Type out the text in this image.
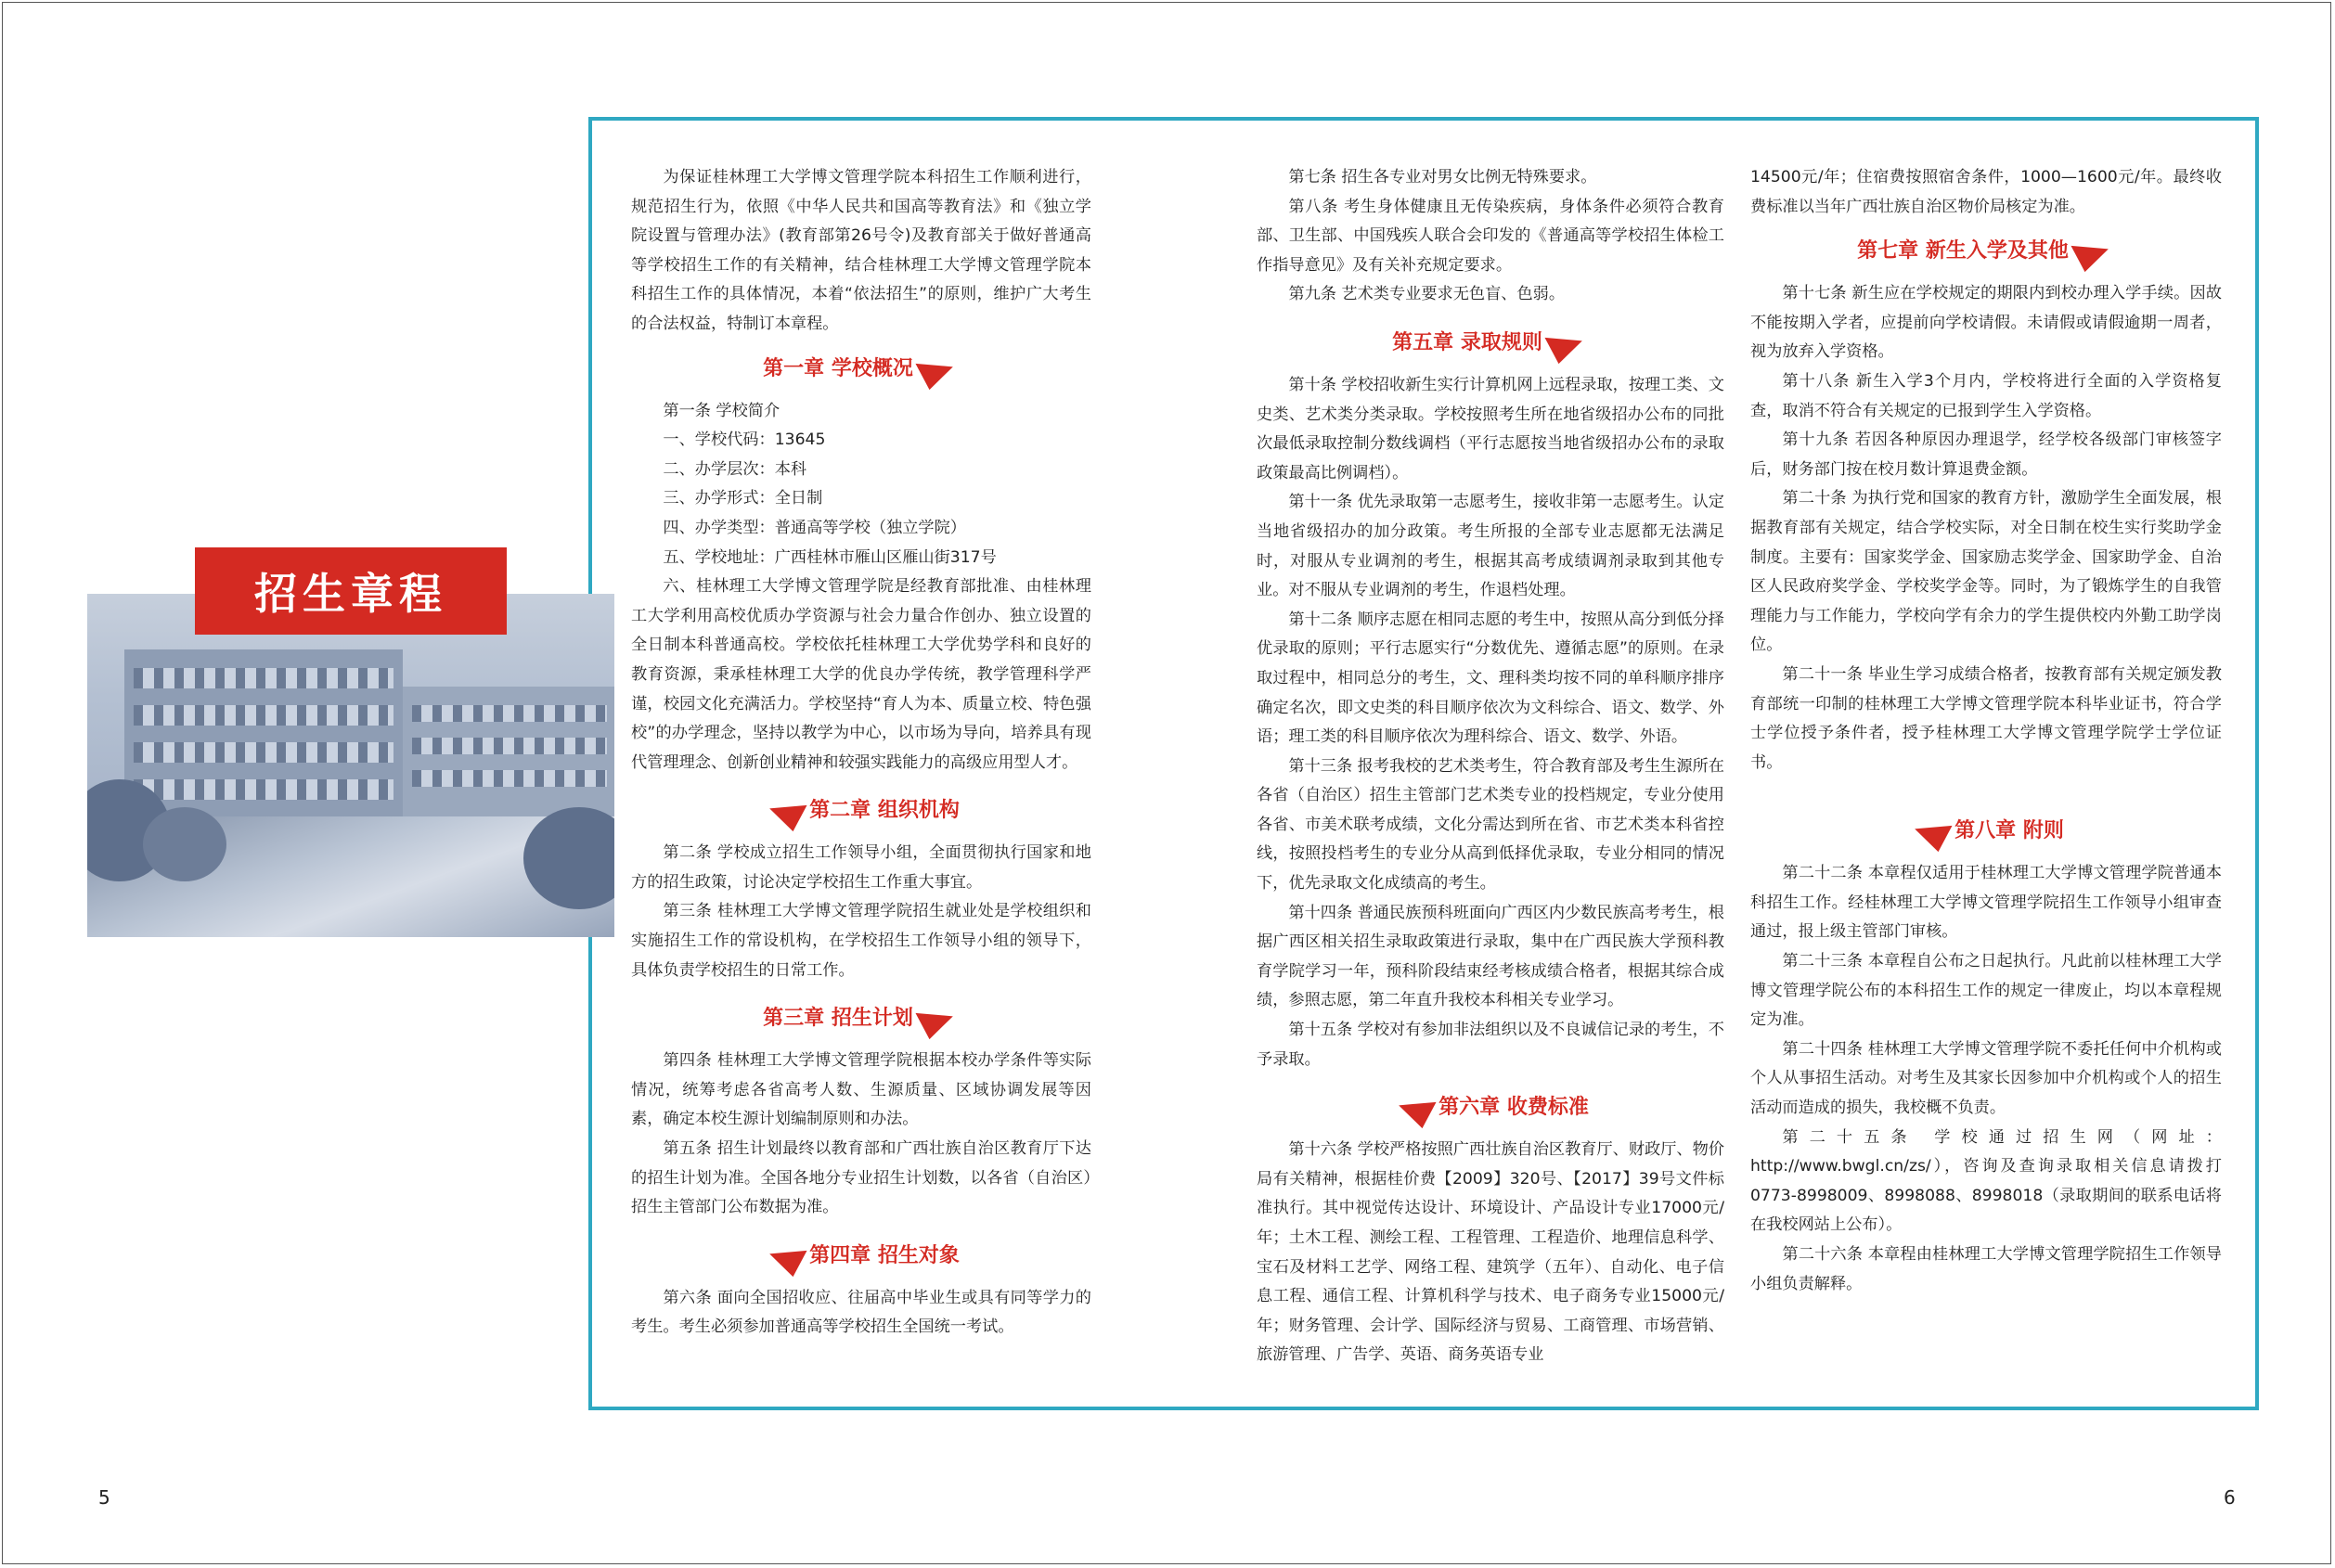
招生章程

为保证桂林理工大学博文管理学院本科招生工作顺利进行，规范招生行为，依照《中华人民共和国高等教育法》和《独立学院设置与管理办法》(教育部第26号令)及教育部关于做好普通高等学校招生工作的有关精神，结合桂林理工大学博文管理学院本科招生工作的具体情况，本着“依法招生”的原则，维护广大考生的合法权益，特制订本章程。

第一章 学校概况

第一条 学校简介

一、学校代码：13645

二、办学层次：本科

三、办学形式：全日制

四、办学类型：普通高等学校（独立学院）

五、学校地址：广西桂林市雁山区雁山街317号

六、桂林理工大学博文管理学院是经教育部批准、由桂林理工大学利用高校优质办学资源与社会力量合作创办、独立设置的全日制本科普通高校。学校依托桂林理工大学优势学科和良好的教育资源，秉承桂林理工大学的优良办学传统，教学管理科学严谨，校园文化充满活力。学校坚持“育人为本、质量立校、特色强校”的办学理念，坚持以教学为中心，以市场为导向，培养具有现代管理理念、创新创业精神和较强实践能力的高级应用型人才。

第二章 组织机构

第二条 学校成立招生工作领导小组，全面贯彻执行国家和地方的招生政策，讨论决定学校招生工作重大事宜。

第三条 桂林理工大学博文管理学院招生就业处是学校组织和实施招生工作的常设机构，在学校招生工作领导小组的领导下，具体负责学校招生的日常工作。

第三章 招生计划

第四条 桂林理工大学博文管理学院根据本校办学条件等实际情况，统筹考虑各省高考人数、生源质量、区域协调发展等因素，确定本校生源计划编制原则和办法。

第五条 招生计划最终以教育部和广西壮族自治区教育厅下达的招生计划为准。全国各地分专业招生计划数，以各省（自治区）招生主管部门公布数据为准。

第四章 招生对象

第六条 面向全国招收应、往届高中毕业生或具有同等学力的考生。考生必须参加普通高等学校招生全国统一考试。

第七条 招生各专业对男女比例无特殊要求。

第八条 考生身体健康且无传染疾病，身体条件必须符合教育部、卫生部、中国残疾人联合会印发的《普通高等学校招生体检工作指导意见》及有关补充规定要求。

第九条 艺术类专业要求无色盲、色弱。

第五章 录取规则

第十条 学校招收新生实行计算机网上远程录取，按理工类、文史类、艺术类分类录取。学校按照考生所在地省级招办公布的同批次最低录取控制分数线调档（平行志愿按当地省级招办公布的录取政策最高比例调档）。

第十一条 优先录取第一志愿考生，接收非第一志愿考生。认定当地省级招办的加分政策。考生所报的全部专业志愿都无法满足时，对服从专业调剂的考生，根据其高考成绩调剂录取到其他专业。对不服从专业调剂的考生，作退档处理。

第十二条 顺序志愿在相同志愿的考生中，按照从高分到低分择优录取的原则；平行志愿实行“分数优先、遵循志愿”的原则。在录取过程中，相同总分的考生，文、理科类均按不同的单科顺序排序确定名次，即文史类的科目顺序依次为文科综合、语文、数学、外语；理工类的科目顺序依次为理科综合、语文、数学、外语。

第十三条 报考我校的艺术类考生，符合教育部及考生生源所在各省（自治区）招生主管部门艺术类专业的投档规定，专业分使用各省、市美术联考成绩，文化分需达到所在省、市艺术类本科省控线，按照投档考生的专业分从高到低择优录取，专业分相同的情况下，优先录取文化成绩高的考生。

第十四条 普通民族预科班面向广西区内少数民族高考考生，根据广西区相关招生录取政策进行录取，集中在广西民族大学预科教育学院学习一年，预科阶段结束经考核成绩合格者，根据其综合成绩，参照志愿，第二年直升我校本科相关专业学习。

第十五条 学校对有参加非法组织以及不良诚信记录的考生，不予录取。

第六章 收费标准

第十六条 学校严格按照广西壮族自治区教育厅、财政厅、物价局有关精神，根据桂价费【2009】320号、【2017】39号文件标准执行。其中视觉传达设计、环境设计、产品设计专业17000元/年；土木工程、测绘工程、工程管理、工程造价、地理信息科学、宝石及材料工艺学、网络工程、建筑学（五年）、自动化、电子信息工程、通信工程、计算机科学与技术、电子商务专业15000元/年；财务管理、会计学、国际经济与贸易、工商管理、市场营销、旅游管理、广告学、英语、商务英语专业

14500元/年；住宿费按照宿舍条件，1000—1600元/年。最终收费标准以当年广西壮族自治区物价局核定为准。

第七章 新生入学及其他

第十七条 新生应在学校规定的期限内到校办理入学手续。因故不能按期入学者，应提前向学校请假。未请假或请假逾期一周者，视为放弃入学资格。

第十八条 新生入学3个月内，学校将进行全面的入学资格复查，取消不符合有关规定的已报到学生入学资格。

第十九条 若因各种原因办理退学，经学校各级部门审核签字后，财务部门按在校月数计算退费金额。

第二十条 为执行党和国家的教育方针，激励学生全面发展，根据教育部有关规定，结合学校实际，对全日制在校生实行奖助学金制度。主要有：国家奖学金、国家励志奖学金、国家助学金、自治区人民政府奖学金、学校奖学金等。同时，为了锻炼学生的自我管理能力与工作能力，学校向学有余力的学生提供校内外勤工助学岗位。

第二十一条 毕业生学习成绩合格者，按教育部有关规定颁发教育部统一印制的桂林理工大学博文管理学院本科毕业证书，符合学士学位授予条件者，授予桂林理工大学博文管理学院学士学位证书。

第八章 附则

第二十二条 本章程仅适用于桂林理工大学博文管理学院普通本科招生工作。经桂林理工大学博文管理学院招生工作领导小组审查通过，报上级主管部门审核。

第二十三条 本章程自公布之日起执行。凡此前以桂林理工大学博文管理学院公布的本科招生工作的规定一律废止，均以本章程规定为准。

第二十四条 桂林理工大学博文管理学院不委托任何中介机构或个人从事招生活动。对考生及其家长因参加中介机构或个人的招生活动而造成的损失，我校概不负责。

第二十五条 学校通过招生网（网址：http://www.bwgl.cn/zs/），咨询及查询录取相关信息请拨打0773-8998009、8998088、8998018（录取期间的联系电话将在我校网站上公布）。

第二十六条 本章程由桂林理工大学博文管理学院招生工作领导小组负责解释。

5	6
